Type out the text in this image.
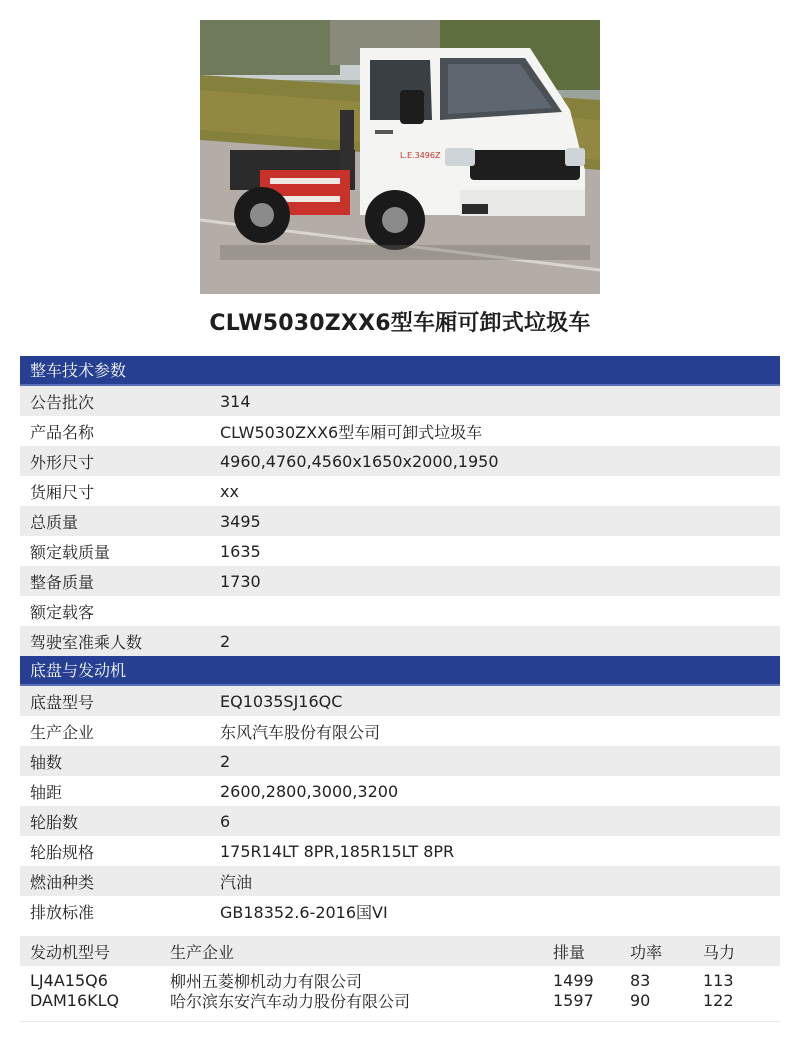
L.E.3496Z
CLW5030ZXX6型车厢可卸式垃圾车
整车技术参数
公告批次	314
产品名称	CLW5030ZXX6型车厢可卸式垃圾车
外形尺寸	4960,4760,4560x1650x2000,1950
货厢尺寸	xx
总质量	3495
额定载质量	1635
整备质量	1730
额定载客
驾驶室准乘人数	2
底盘与发动机
底盘型号	EQ1035SJ16QC
生产企业	东风汽车股份有限公司
轴数	2
轴距	2600,2800,3000,3200
轮胎数	6
轮胎规格	175R14LT 8PR,185R15LT 8PR
燃油种类	汽油
排放标准	GB18352.6-2016国VI
发动机型号	生产企业	排量	功率	马力
LJ4A15Q6	柳州五菱柳机动力有限公司	1499	83	113
DAM16KLQ	哈尔滨东安汽车动力股份有限公司	1597	90	122
